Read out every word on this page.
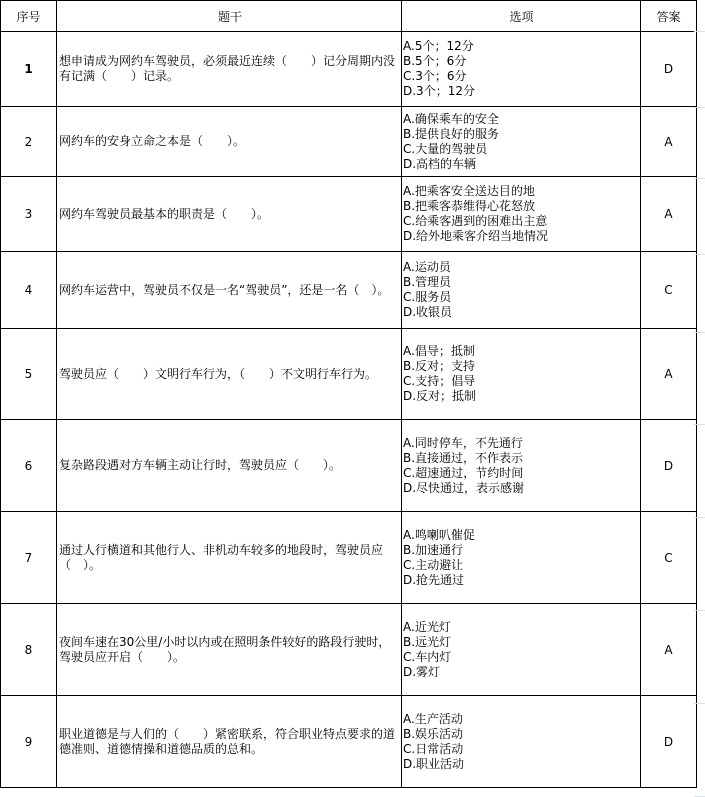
序号	题干	选项	答案
1	想申请成为网约车驾驶员，必须最近连续（　　）记分周期内没有记满（　　）记录。	A.5个；12分
B.5个；6分
C.3个；6分
D.3个；12分	D
2	网约车的安身立命之本是（　　）。	A.确保乘车的安全
B.提供良好的服务
C.大量的驾驶员
D.高档的车辆	A
3	网约车驾驶员最基本的职责是（　　）。	A.把乘客安全送达目的地
B.把乘客恭维得心花怒放
C.给乘客遇到的困难出主意
D.给外地乘客介绍当地情况	A
4	网约车运营中，驾驶员不仅是一名“驾驶员”，还是一名（　）。	A.运动员
B.管理员
C.服务员
D.收银员	C
5	驾驶员应（　　）文明行车行为，（　　）不文明行车行为。	A.倡导；抵制
B.反对；支持
C.支持；倡导
D.反对；抵制	A
6	复杂路段遇对方车辆主动让行时，驾驶员应（　　）。	A.同时停车，不先通行
B.直接通过，不作表示
C.超速通过，节约时间
D.尽快通过，表示感谢	D
7	通过人行横道和其他行人、非机动车较多的地段时，驾驶员应（　）。	A.鸣喇叭催促
B.加速通行
C.主动避让
D.抢先通过	C
8	夜间车速在30公里/小时以内或在照明条件较好的路段行驶时，驾驶员应开启（　　）。	A.近光灯
B.远光灯
C.车内灯
D.雾灯	A
9	职业道德是与人们的（　　）紧密联系，符合职业特点要求的道德准则、道德情操和道德品质的总和。	A.生产活动
B.娱乐活动
C.日常活动
D.职业活动	D
